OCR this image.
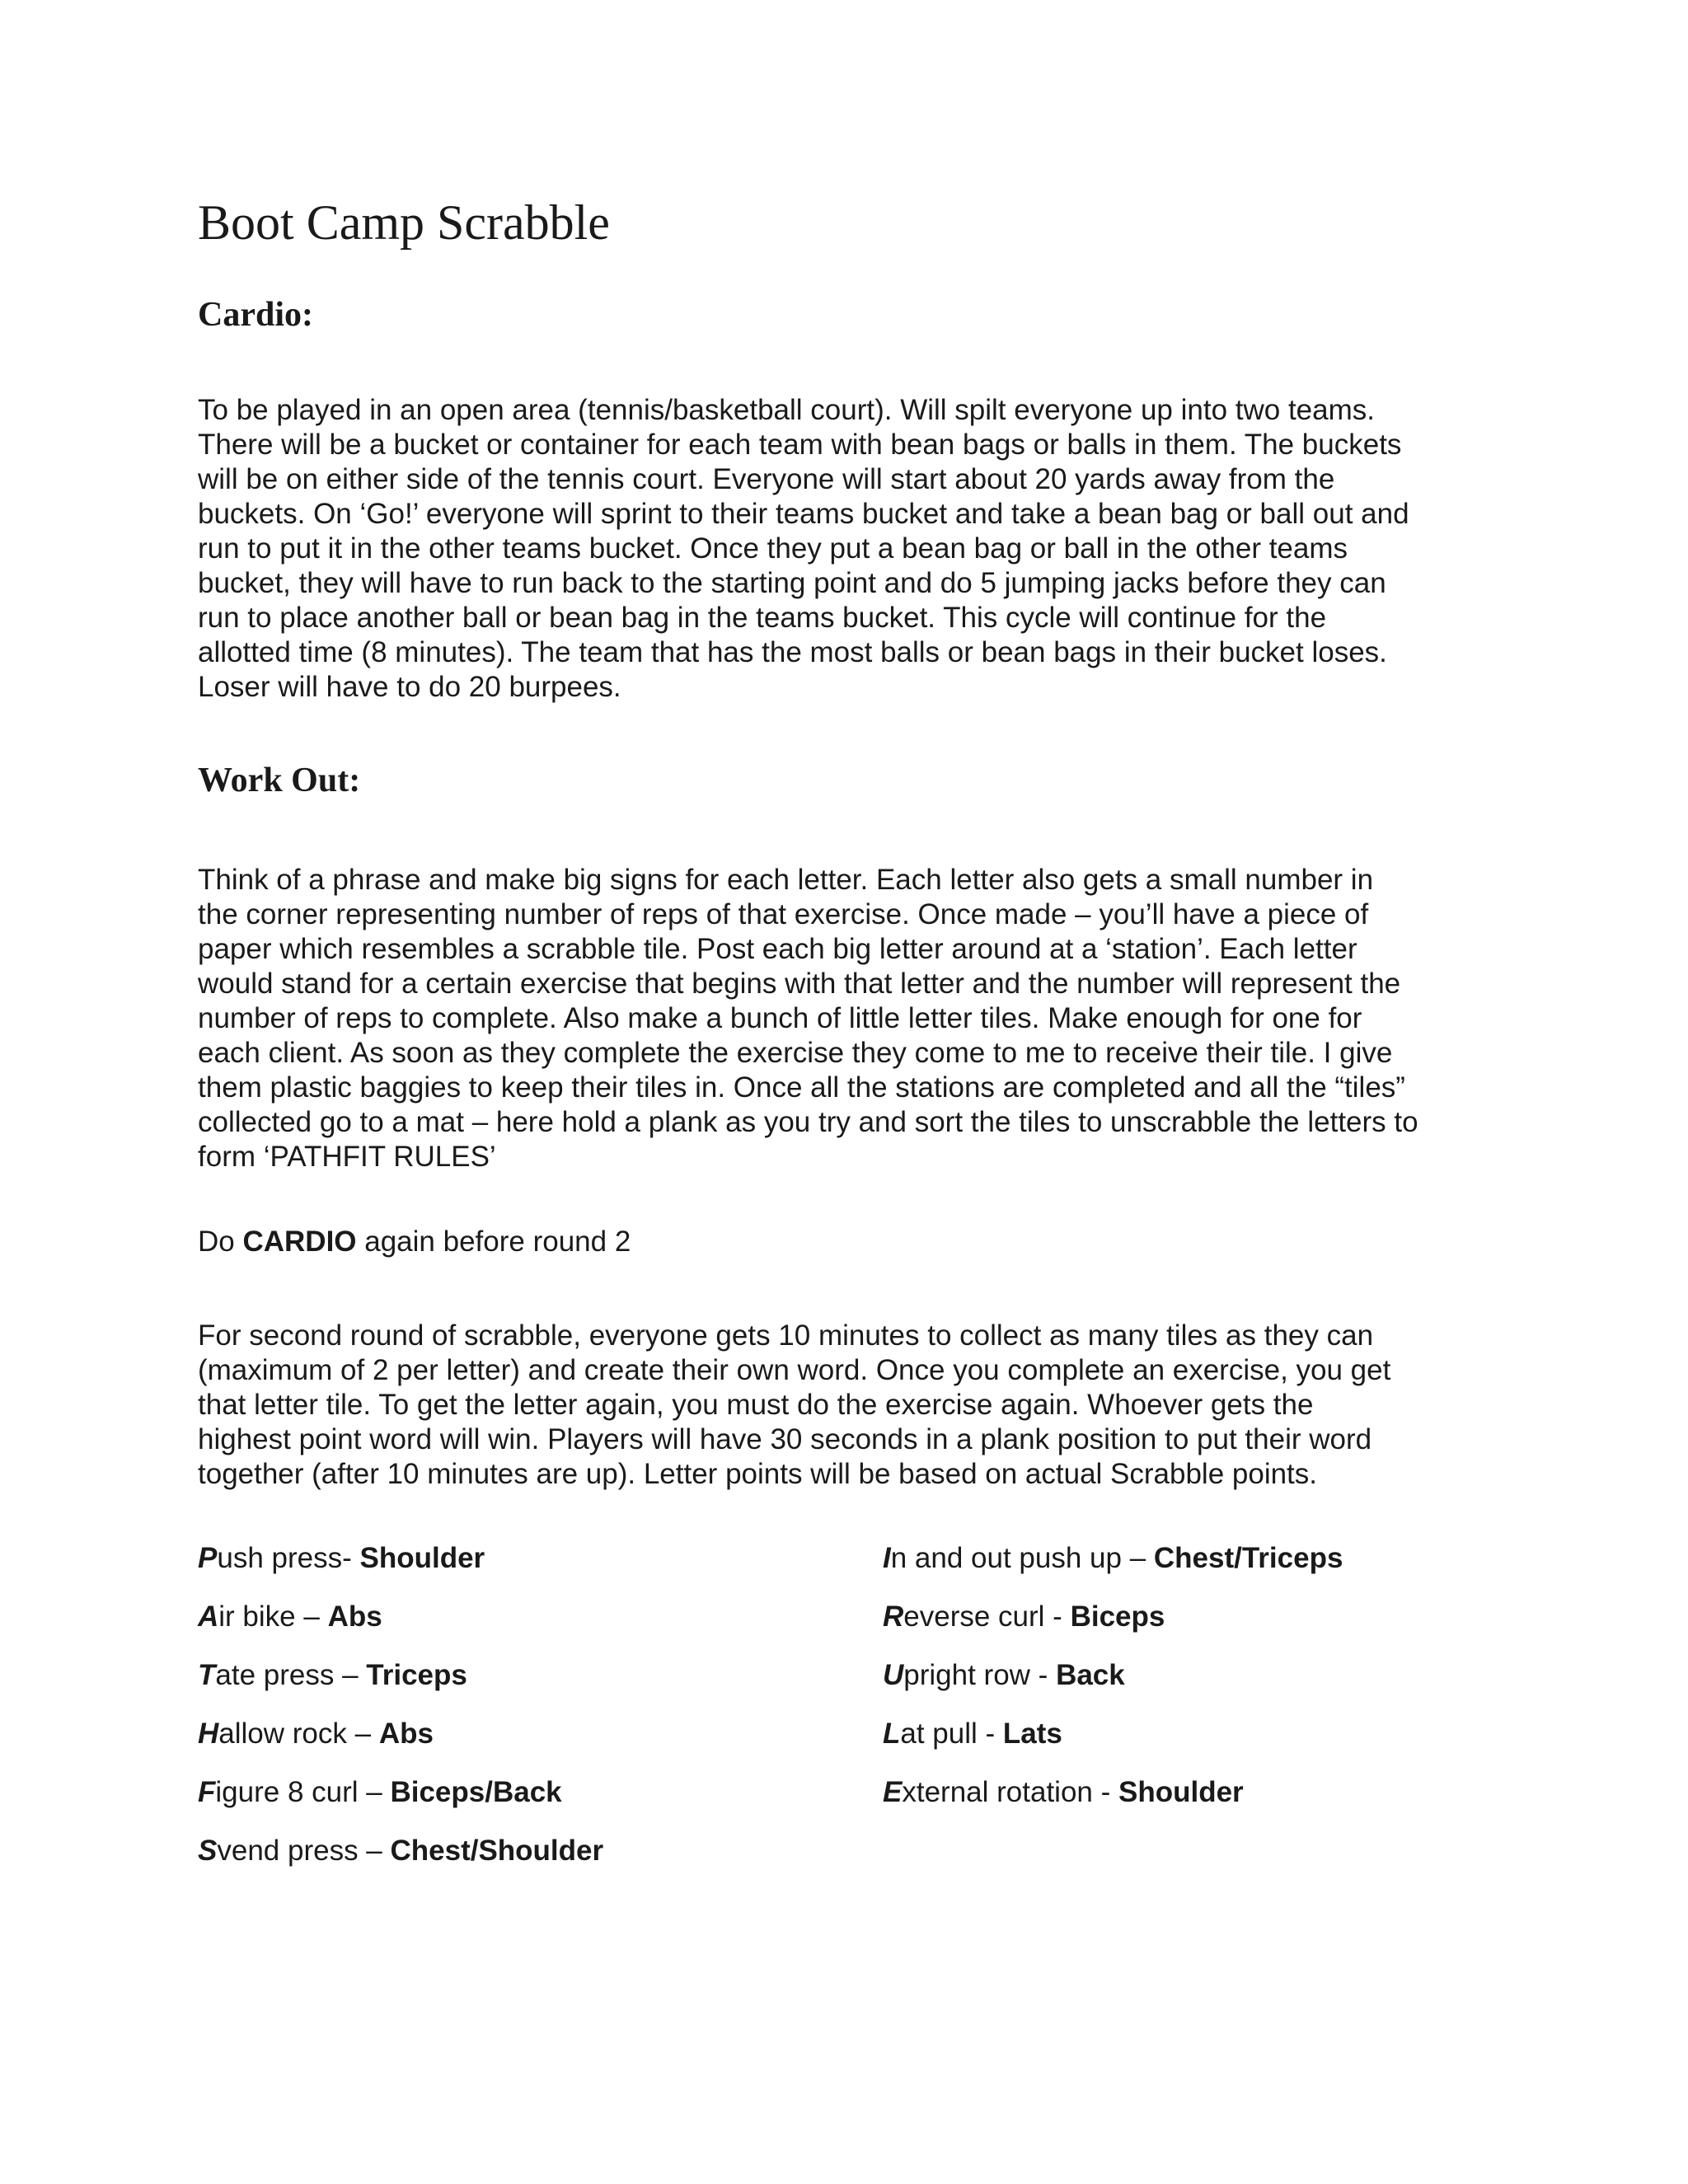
Boot Camp Scrabble
Cardio:

To be played in an open area (tennis/basketball court). Will spilt everyone up into two teams.
There will be a bucket or container for each team with bean bags or balls in them. The buckets
will be on either side of the tennis court. Everyone will start about 20 yards away from the
buckets. On ‘Go!’ everyone will sprint to their teams bucket and take a bean bag or ball out and
run to put it in the other teams bucket. Once they put a bean bag or ball in the other teams
bucket, they will have to run back to the starting point and do 5 jumping jacks before they can
run to place another ball or bean bag in the teams bucket. This cycle will continue for the
allotted time (8 minutes). The team that has the most balls or bean bags in their bucket loses.
Loser will have to do 20 burpees.

Work Out:

Think of a phrase and make big signs for each letter. Each letter also gets a small number in
the corner representing number of reps of that exercise. Once made – you’ll have a piece of
paper which resembles a scrabble tile. Post each big letter around at a ‘station’. Each letter
would stand for a certain exercise that begins with that letter and the number will represent the
number of reps to complete. Also make a bunch of little letter tiles. Make enough for one for
each client. As soon as they complete the exercise they come to me to receive their tile. I give
them plastic baggies to keep their tiles in. Once all the stations are completed and all the “tiles”
collected go to a mat – here hold a plank as you try and sort the tiles to unscrabble the letters to
form ‘PATHFIT RULES’

Do CARDIO again before round 2

For second round of scrabble, everyone gets 10 minutes to collect as many tiles as they can
(maximum of 2 per letter) and create their own word. Once you complete an exercise, you get
that letter tile. To get the letter again, you must do the exercise again. Whoever gets the
highest point word will win. Players will have 30 seconds in a plank position to put their word
together (after 10 minutes are up). Letter points will be based on actual Scrabble points.

Push press- Shoulder

Air bike – Abs

Tate press – Triceps

Hallow rock – Abs

Figure 8 curl – Biceps/Back

Svend press – Chest/Shoulder

In and out push up – Chest/Triceps

Reverse curl - Biceps

Upright row - Back

Lat pull - Lats

External rotation - Shoulder
